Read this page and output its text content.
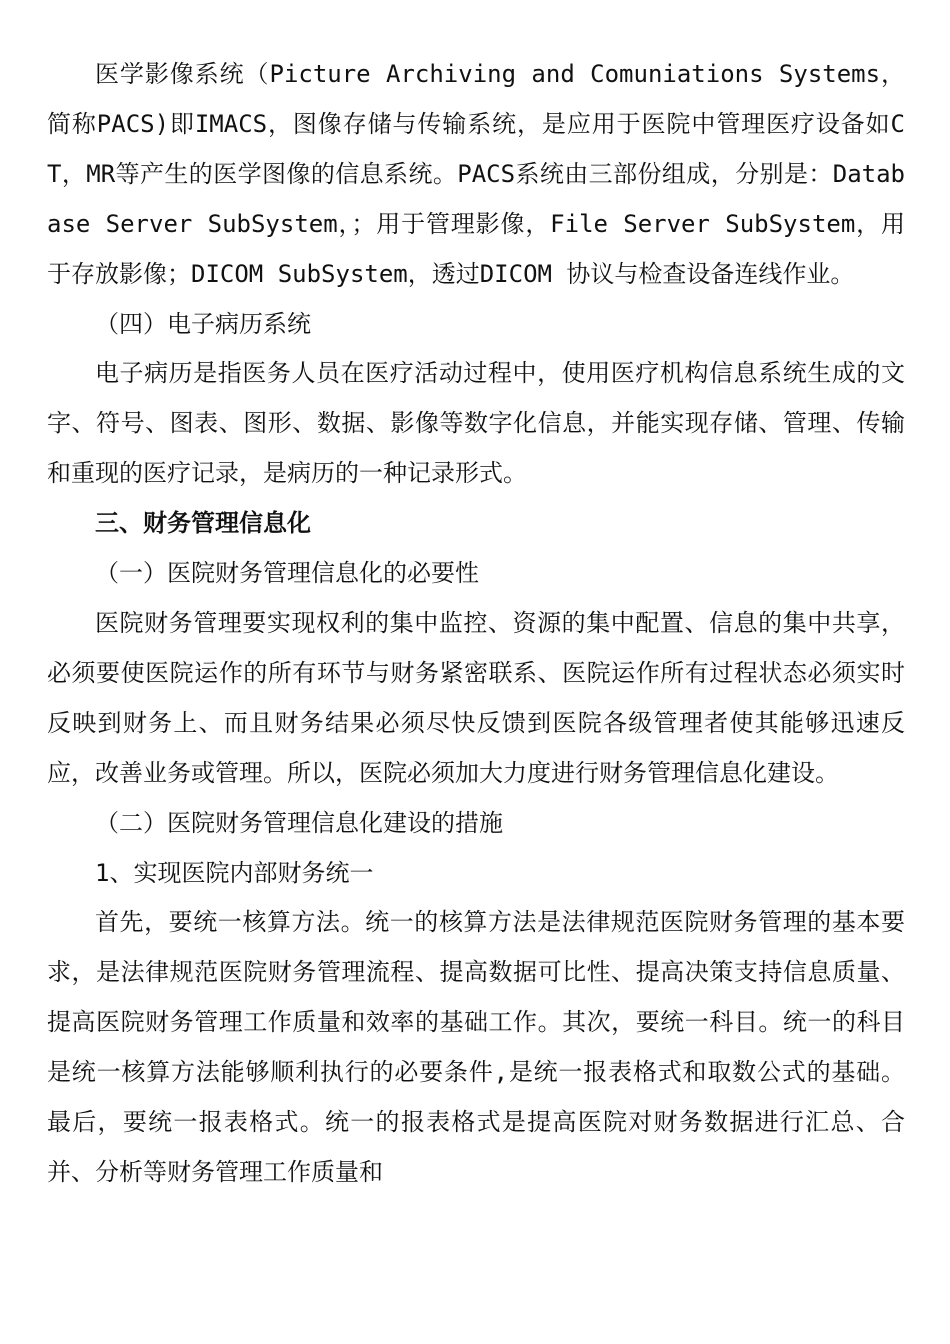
医学影像系统（Picture Archiving and Comuniations Systems，简称PACS)即IMACS，图像存储与传输系统，是应用于医院中管理医疗设备如CT，MR等产生的医学图像的信息系统。PACS系统由三部份组成，分别是：Database Server SubSystem，；用于管理影像，File Server SubSystem，用于存放影像；DICOM SubSystem，透过DICOM 协议与检查设备连线作业。

（四）电子病历系统

电子病历是指医务人员在医疗活动过程中，使用医疗机构信息系统生成的文字、符号、图表、图形、数据、影像等数字化信息，并能实现存储、管理、传输和重现的医疗记录，是病历的一种记录形式。

三、财务管理信息化

（一）医院财务管理信息化的必要性

医院财务管理要实现权利的集中监控、资源的集中配置、信息的集中共享，必须要使医院运作的所有环节与财务紧密联系、医院运作所有过程状态必须实时反映到财务上、而且财务结果必须尽快反馈到医院各级管理者使其能够迅速反应，改善业务或管理。所以，医院必须加大力度进行财务管理信息化建设。

（二）医院财务管理信息化建设的措施

1、实现医院内部财务统一

首先，要统一核算方法。统一的核算方法是法律规范医院财务管理的基本要求，是法律规范医院财务管理流程、提高数据可比性、提高决策支持信息质量、提高医院财务管理工作质量和效率的基础工作。其次，要统一科目。统一的科目是统一核算方法能够顺利执行的必要条件,是统一报表格式和取数公式的基础。 最后，要统一报表格式。统一的报表格式是提高医院对财务数据进行汇总、合并、分析等财务管理工作质量和
